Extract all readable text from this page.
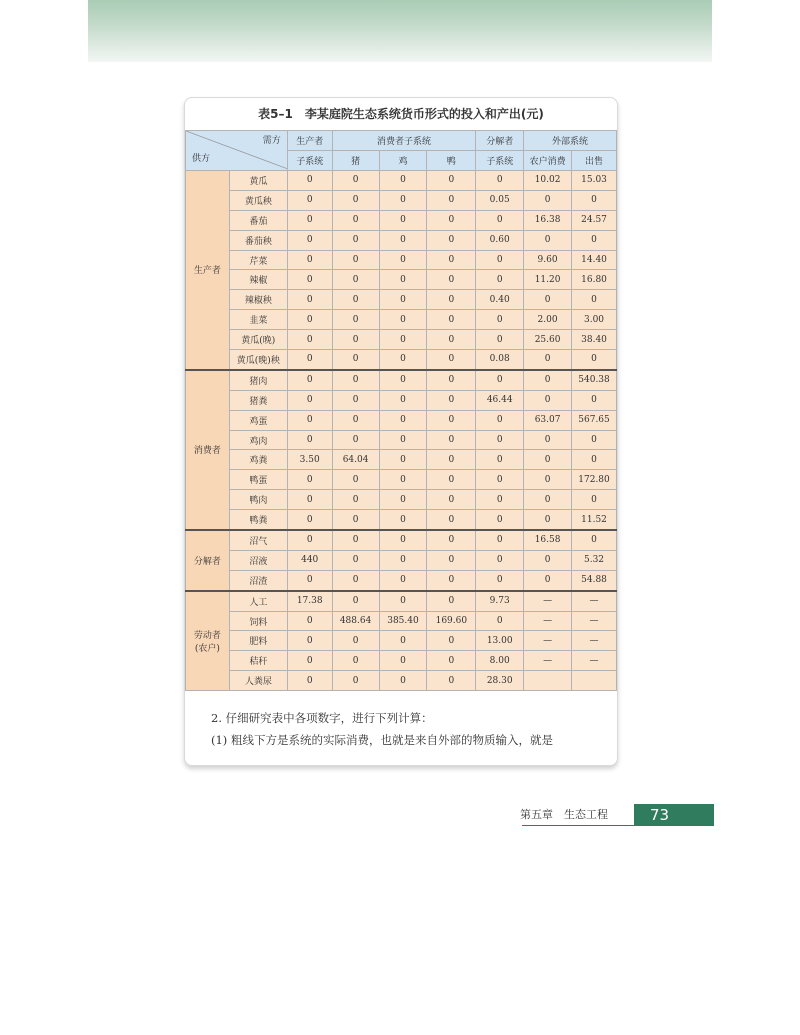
表5–1 李某庭院生态系统货币形式的投入和产出(元)
需方
供方		生产者	消费者子系统			分解者	外部系统	
		子系统	猪	鸡	鸭	子系统	农户消费	出售
生产者	黄瓜	0	0	0	0	0	10.02	15.03
	黄瓜秧	0	0	0	0	0.05	0	0
	番茄	0	0	0	0	0	16.38	24.57
	番茄秧	0	0	0	0	0.60	0	0
	芹菜	0	0	0	0	0	9.60	14.40
	辣椒	0	0	0	0	0	11.20	16.80
	辣椒秧	0	0	0	0	0.40	0	0
	韭菜	0	0	0	0	0	2.00	3.00
	黄瓜(晚)	0	0	0	0	0	25.60	38.40
	黄瓜(晚)秧	0	0	0	0	0.08	0	0
消费者	猪肉	0	0	0	0	0	0	540.38
	猪粪	0	0	0	0	46.44	0	0
	鸡蛋	0	0	0	0	0	63.07	567.65
	鸡肉	0	0	0	0	0	0	0
	鸡粪	3.50	64.04	0	0	0	0	0
	鸭蛋	0	0	0	0	0	0	172.80
	鸭肉	0	0	0	0	0	0	0
	鸭粪	0	0	0	0	0	0	11.52
分解者	沼气	0	0	0	0	0	16.58	0
	沼液	440	0	0	0	0	0	5.32
	沼渣	0	0	0	0	0	0	54.88

劳动者
(农户)	人工	17.38	0	0	0	9.73	—	—
	饲料	0	488.64	385.40	169.60	0	—	—
	肥料	0	0	0	0	13.00	—	—
	秸秆	0	0	0	0	8.00	—	—
	人粪尿	0	0	0	0	28.30		
2. 仔细研究表中各项数字，进行下列计算：
(1) 粗线下方是系统的实际消费，也就是来自外部的物质输入，就是
第五章　生态工程	73
